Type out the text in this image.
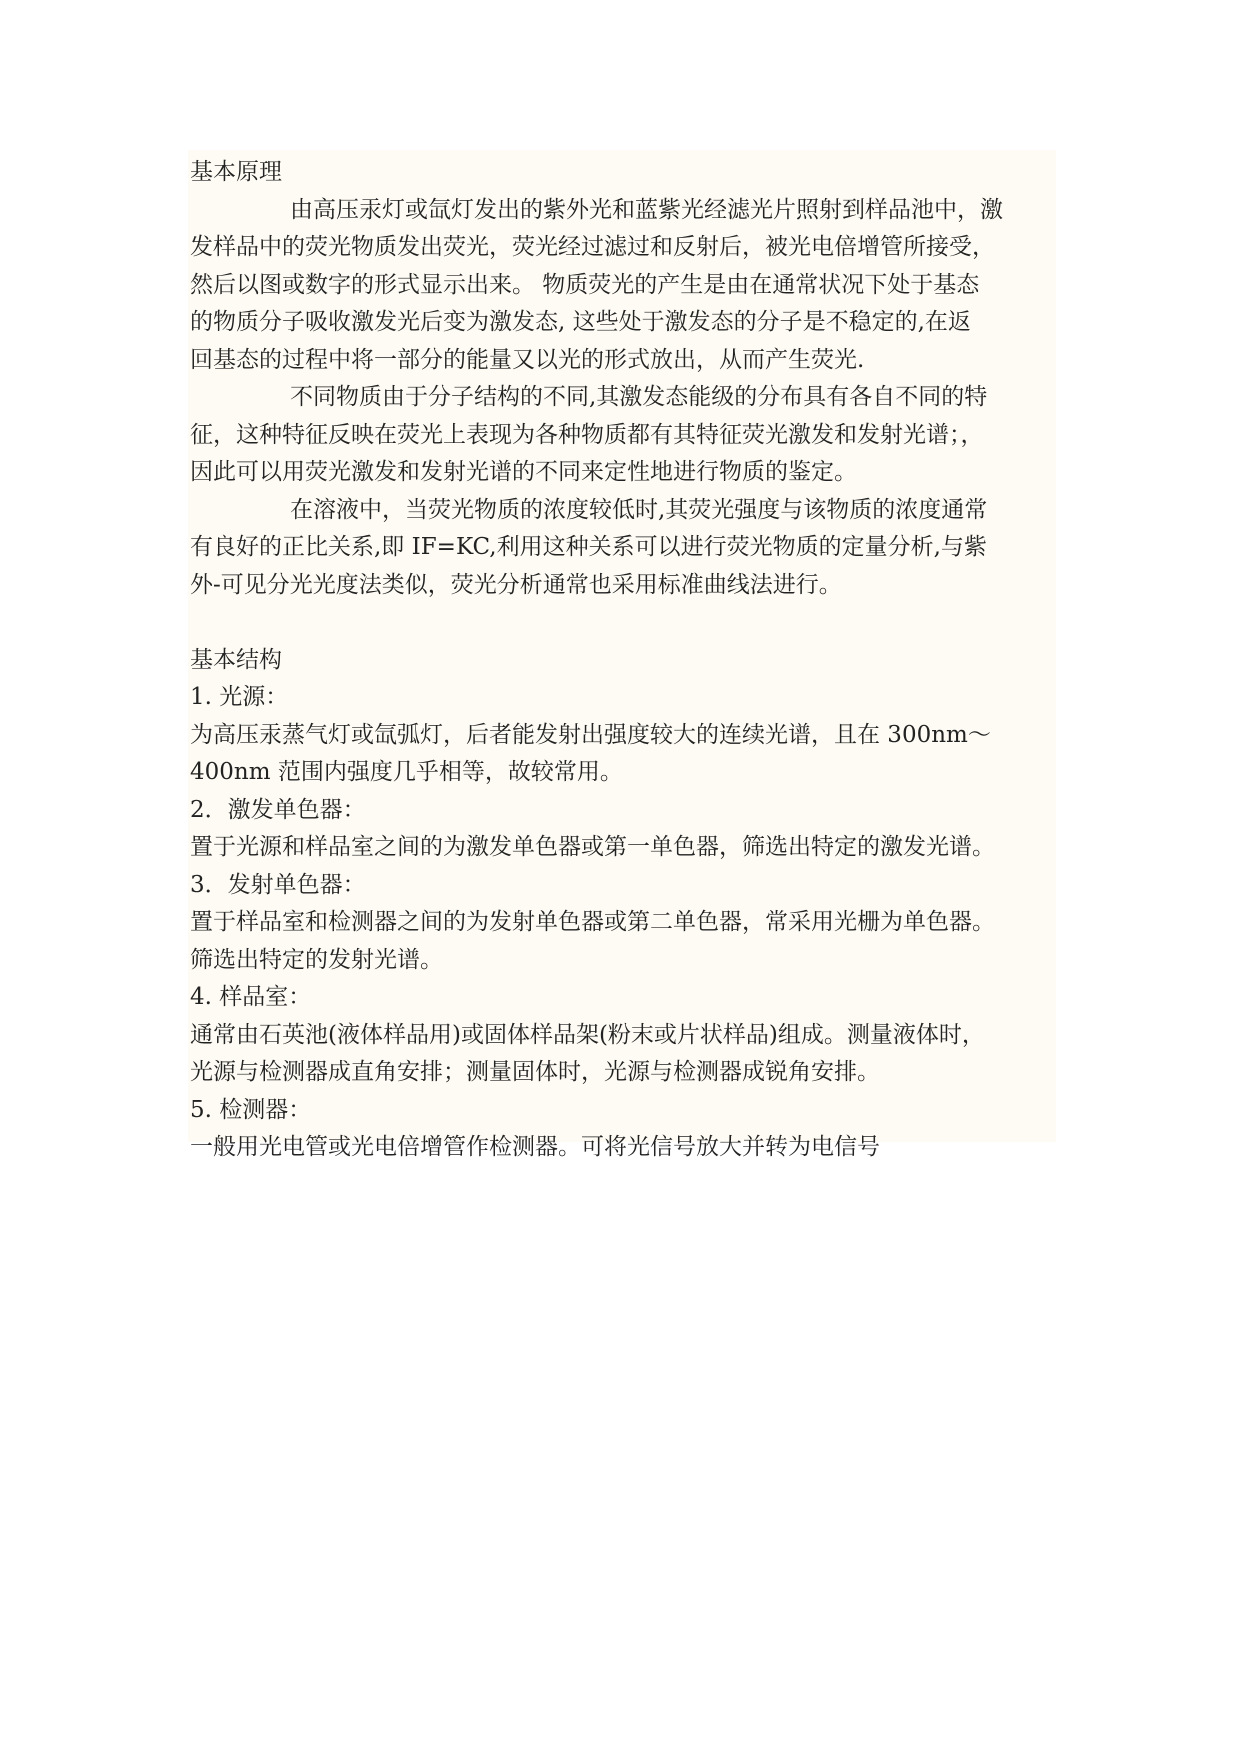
基本原理
由高压汞灯或氙灯发出的紫外光和蓝紫光经滤光片照射到样品池中，激
发样品中的荧光物质发出荧光，荧光经过滤过和反射后，被光电倍增管所接受，
然后以图或数字的形式显示出来。 物质荧光的产生是由在通常状况下处于基态
的物质分子吸收激发光后变为激发态, 这些处于激发态的分子是不稳定的,在返
回基态的过程中将一部分的能量又以光的形式放出，从而产生荧光.
不同物质由于分子结构的不同,其激发态能级的分布具有各自不同的特
征，这种特征反映在荧光上表现为各种物质都有其特征荧光激发和发射光谱；，
因此可以用荧光激发和发射光谱的不同来定性地进行物质的鉴定。
在溶液中，当荧光物质的浓度较低时,其荧光强度与该物质的浓度通常
有良好的正比关系,即 IF=KC,利用这种关系可以进行荧光物质的定量分析,与紫
外-可见分光光度法类似，荧光分析通常也采用标准曲线法进行。
基本结构
1. 光源：
为高压汞蒸气灯或氙弧灯，后者能发射出强度较大的连续光谱，且在 300nm～
400nm 范围内强度几乎相等，故较常用。
2．激发单色器：
置于光源和样品室之间的为激发单色器或第一单色器，筛选出特定的激发光谱。
3．发射单色器：
置于样品室和检测器之间的为发射单色器或第二单色器，常采用光栅为单色器。
筛选出特定的发射光谱。
4. 样品室：
通常由石英池(液体样品用)或固体样品架(粉末或片状样品)组成。测量液体时，
光源与检测器成直角安排；测量固体时，光源与检测器成锐角安排。
5. 检测器：
一般用光电管或光电倍增管作检测器。可将光信号放大并转为电信号
